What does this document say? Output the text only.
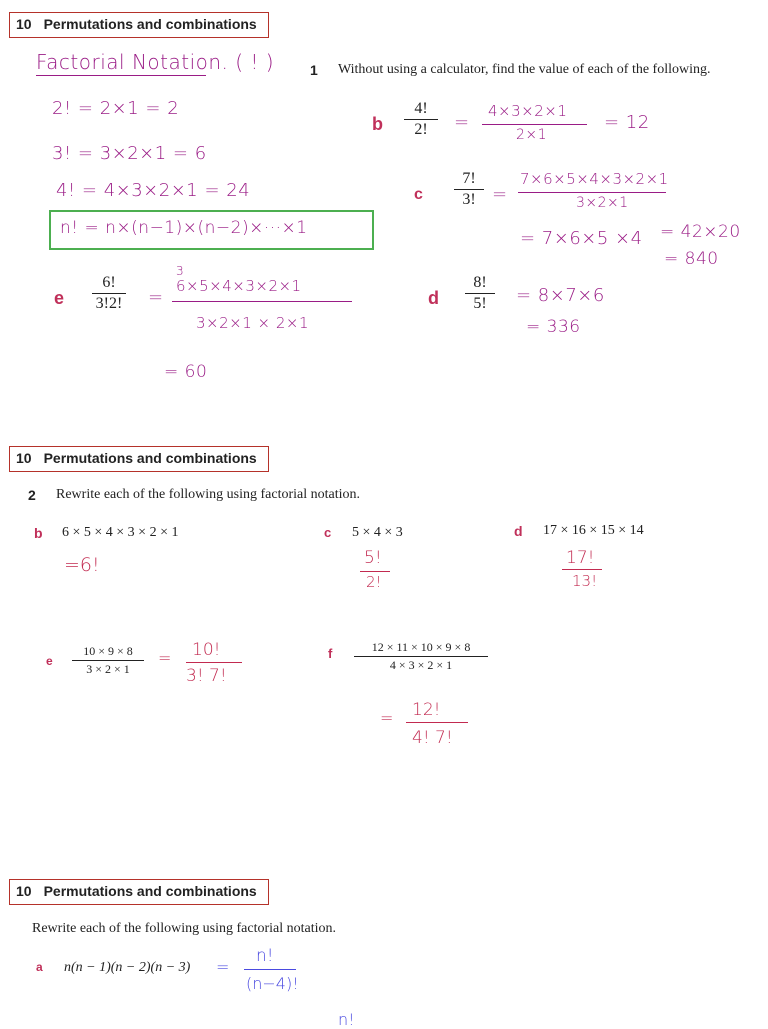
10 Permutations and combinations
Factorial Notation. ( ! )	1 Without using a calculator, find the value of each of the following.
2! = 2×1 = 2
3! = 3×2×1 = 6
4! = 4×3×2×1 = 24
n! = n×(n−1)×(n−2)×···×1
b
4!
2!	=
4×3×2×1
2×1
= 12
c
7!
3! =
7×6×5×4×3×2×1
3×2×1
= 7×6×5 ×4 = 42×20
= 840
e
6!
3!2! =
3
6×5×4×3×2×1
3×2×1 × 2×1
= 60
d
8!
5!	= 8×7×6
= 336
10 Permutations and combinations
2 Rewrite each of the following using factorial notation.
b 6 × 5 × 4 × 3 × 2 × 1
=6!
c 5 × 4 × 3
5!
2!
d 17 × 16 × 15 × 14
17!
13!
e
10 × 9 × 8
3 × 2 × 1
= 10!
3! 7!
f	12 × 11 × 10 × 9 × 8
4 × 3 × 2 × 1
= 12!
4! 7!
10 Permutations and combinations
Rewrite each of the following using factorial notation.
a n(n − 1)(n − 2)(n − 3) =
n!
(n−4)!
n!
